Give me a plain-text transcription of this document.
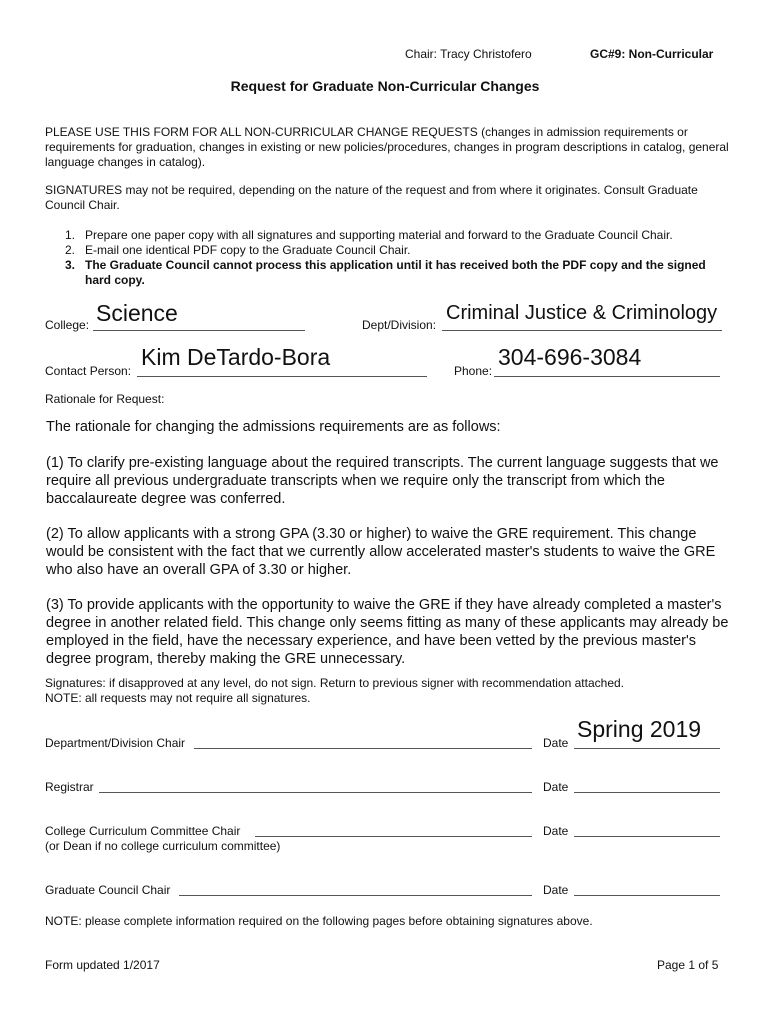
Chair: Tracy Christofero	GC#9: Non-Curricular
Request for Graduate Non-Curricular Changes
PLEASE USE THIS FORM FOR ALL NON-CURRICULAR CHANGE REQUESTS (changes in admission requirements or requirements for graduation, changes in existing or new policies/procedures, changes in program descriptions in catalog, general language changes in catalog).
SIGNATURES may not be required, depending on the nature of the request and from where it originates. Consult Graduate Council Chair.
1. Prepare one paper copy with all signatures and supporting material and forward to the Graduate Council Chair.
2. E-mail one identical PDF copy to the Graduate Council Chair.
3. The Graduate Council cannot process this application until it has received both the PDF copy and the signed hard copy.
College: Science	Dept/Division:
Criminal Justice & Criminology
Contact Person:
Kim DeTardo-Bora
Phone:
304-696-3084
Rationale for Request:

The rationale for changing the admissions requirements are as follows:

(1) To clarify pre-existing language about the required transcripts. The current language suggests that we require all previous undergraduate transcripts when we require only the transcript from which the baccalaureate degree was conferred.

(2) To allow applicants with a strong GPA (3.30 or higher) to waive the GRE requirement. This change would be consistent with the fact that we currently allow accelerated master's students to waive the GRE who also have an overall GPA of 3.30 or higher.

(3) To provide applicants with the opportunity to waive the GRE if they have already completed a master's degree in another related field. This change only seems fitting as many of these applicants may already be employed in the field, have the necessary experience, and have been vetted by the previous master's degree program, thereby making the GRE unnecessary.

Signatures: if disapproved at any level, do not sign. Return to previous signer with recommendation attached.
NOTE: all requests may not require all signatures.
Department/Division Chair	Date
Spring 2019
Registrar	Date
College Curriculum Committee Chair	Date
(or Dean if no college curriculum committee)
Graduate Council Chair	Date
NOTE: please complete information required on the following pages before obtaining signatures above.
Form updated 1/2017	Page 1 of 5
